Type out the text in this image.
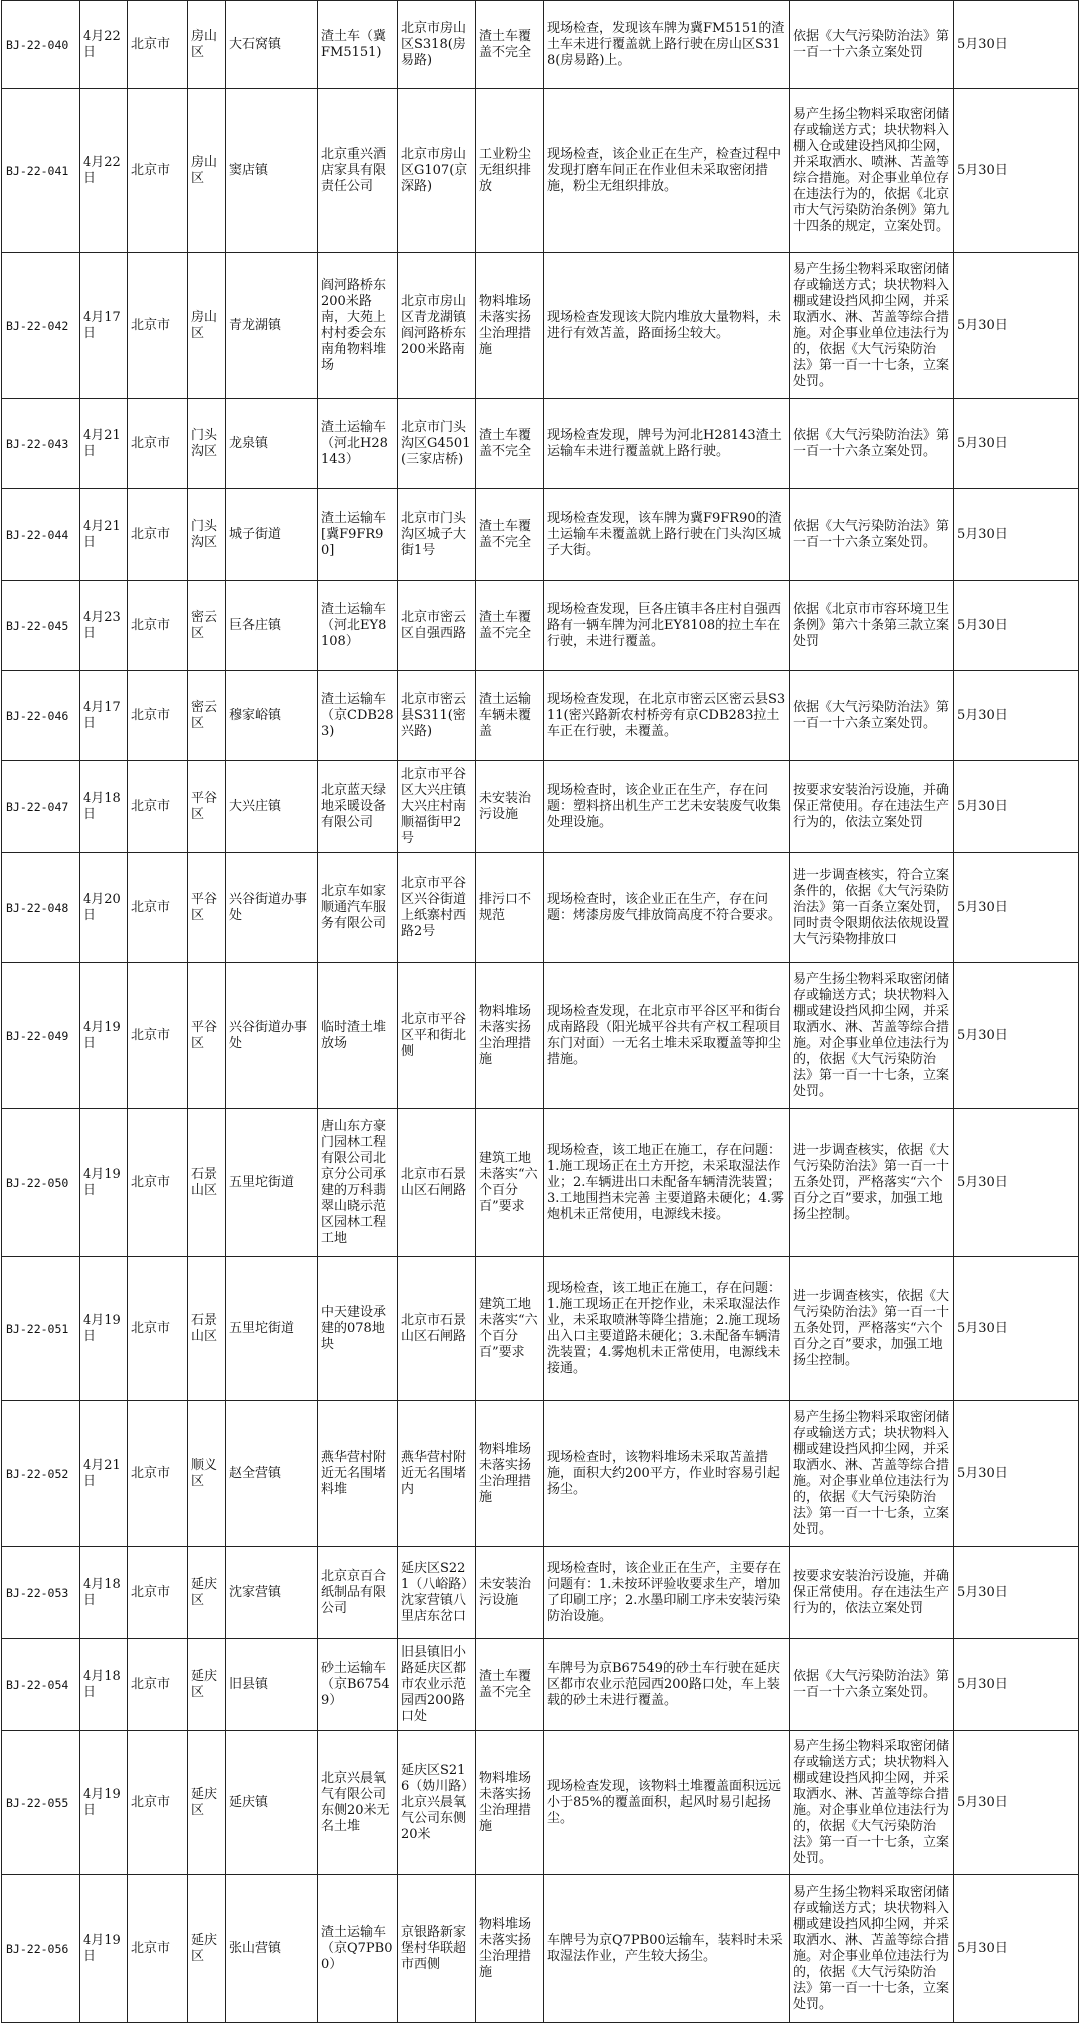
BJ-22-040	4月22日	北京市	房山区	大石窝镇	渣土车（冀FM5151)	北京市房山区S318(房易路)	渣土车覆盖不完全	现场检查，发现该车牌为冀FM5151的渣土车未进行覆盖就上路行驶在房山区S318(房易路)上。	依据《大气污染防治法》第一百一十六条立案处罚	5月30日
BJ-22-041	4月22日	北京市	房山区	窦店镇	北京重兴酒店家具有限责任公司	北京市房山区G107(京深路)	工业粉尘无组织排放	现场检查，该企业正在生产，检查过程中发现打磨车间正在作业但未采取密闭措施，粉尘无组织排放。	易产生扬尘物料采取密闭储存或输送方式；块状物料入棚入仓或建设挡风抑尘网，并采取洒水、喷淋、苫盖等综合措施。对企事业单位存在违法行为的，依据《北京市大气污染防治条例》第九十四条的规定，立案处罚。	5月30日
BJ-22-042	4月17日	北京市	房山区	青龙湖镇	阎河路桥东200米路南，大苑上村村委会东南角物料堆场	北京市房山区青龙湖镇阎河路桥东200米路南	物料堆场未落实扬尘治理措施	现场检查发现该大院内堆放大量物料，未进行有效苫盖，路面扬尘较大。	易产生扬尘物料采取密闭储存或输送方式；块状物料入棚或建设挡风抑尘网，并采取洒水、淋、苫盖等综合措施。对企事业单位违法行为的，依据《大气污染防治法》第一百一十七条，立案处罚。	5月30日
BJ-22-043	4月21日	北京市	门头沟区	龙泉镇	渣土运输车（河北H28143）	北京市门头沟区G4501(三家店桥)	渣土车覆盖不完全	现场检查发现，牌号为河北H28143渣土运输车未进行覆盖就上路行驶。	依据《大气污染防治法》第一百一十六条立案处罚。	5月30日
BJ-22-044	4月21日	北京市	门头沟区	城子街道	渣土运输车[冀F9FR90]	北京市门头沟区城子大街1号	渣土车覆盖不完全	现场检查发现，该车牌为冀F9FR90的渣土运输车未覆盖就上路行驶在门头沟区城子大街。	依据《大气污染防治法》第一百一十六条立案处罚。	5月30日
BJ-22-045	4月23日	北京市	密云区	巨各庄镇	渣土运输车（河北EY8108）	北京市密云区自强西路	渣土车覆盖不完全	现场检查发现，巨各庄镇丰各庄村自强西路有一辆车牌为河北EY8108的拉土车在行驶，未进行覆盖。	依据《北京市市容环境卫生条例》第六十条第三款立案处罚	5月30日
BJ-22-046	4月17日	北京市	密云区	穆家峪镇	渣土运输车（京CDB283)	北京市密云县S311(密兴路)	渣土运输车辆未覆盖	现场检查发现，在北京市密云区密云县S311(密兴路新农村桥旁有京CDB283拉土车正在行驶，未覆盖。	依据《大气污染防治法》第一百一十六条立案处罚。	5月30日
BJ-22-047	4月18日	北京市	平谷区	大兴庄镇	北京蓝天绿地采暖设备有限公司	北京市平谷区大兴庄镇大兴庄村南顺福街甲2号	未安装治污设施	现场检查时，该企业正在生产，存在问题：塑料挤出机生产工艺未安装废气收集处理设施。	按要求安装治污设施，并确保正常使用。存在违法生产行为的，依法立案处罚	5月30日
BJ-22-048	4月20日	北京市	平谷区	兴谷街道办事处	北京车如家顺通汽车服务有限公司	北京市平谷区兴谷街道上纸寨村西路2号	排污口不规范	现场检查时，该企业正在生产，存在问题：烤漆房废气排放筒高度不符合要求。	进一步调查核实，符合立案条件的，依据《大气污染防治法》第一百条立案处罚，同时责令限期依法依规设置大气污染物排放口	5月30日
BJ-22-049	4月19日	北京市	平谷区	兴谷街道办事处	临时渣土堆放场	北京市平谷区平和街北侧	物料堆场未落实扬尘治理措施	现场检查发现，在北京市平谷区平和街台成南路段（阳光城平谷共有产权工程项目东门对面）一无名土堆未采取覆盖等抑尘措施。	易产生扬尘物料采取密闭储存或输送方式；块状物料入棚或建设挡风抑尘网，并采取洒水、淋、苫盖等综合措施。对企事业单位违法行为的，依据《大气污染防治法》第一百一十七条，立案处罚。	5月30日
BJ-22-050	4月19日	北京市	石景山区	五里坨街道	唐山东方豪门园林工程有限公司北京分公司承建的万科翡翠山晓示范区园林工程工地	北京市石景山区石闸路	建筑工地未落实“六个百分百”要求	现场检查，该工地正在施工，存在问题：1.施工现场正在土方开挖，未采取湿法作业；2.车辆进出口未配备车辆清洗装置；3.工地围挡未完善 主要道路未硬化；4.雾炮机未正常使用，电源线未接。	进一步调查核实，依据《大气污染防治法》第一百一十五条处罚，严格落实“六个百分之百”要求，加强工地扬尘控制。	5月30日
BJ-22-051	4月19日	北京市	石景山区	五里坨街道	中天建设承建的078地块	北京市石景山区石闸路	建筑工地未落实“六个百分百”要求	现场检查，该工地正在施工，存在问题：1.施工现场正在开挖作业，未采取湿法作业，未采取喷淋等降尘措施；2.施工现场出入口主要道路未硬化；3.未配备车辆清洗装置；4.雾炮机未正常使用，电源线未接通。	进一步调查核实，依据《大气污染防治法》第一百一十五条处罚，严格落实“六个百分之百”要求，加强工地扬尘控制。	5月30日
BJ-22-052	4月21日	北京市	顺义区	赵全营镇	燕华营村附近无名围堵料堆	燕华营村附近无名围堵内	物料堆场未落实扬尘治理措施	现场检查时，该物料堆场未采取苫盖措施，面积大约200平方，作业时容易引起扬尘。	易产生扬尘物料采取密闭储存或输送方式；块状物料入棚或建设挡风抑尘网，并采取洒水、淋、苫盖等综合措施。对企事业单位违法行为的，依据《大气污染防治法》第一百一十七条，立案处罚。	5月30日
BJ-22-053	4月18日	北京市	延庆区	沈家营镇	北京京百合纸制品有限公司	延庆区S221（八峪路）沈家营镇八里店东岔口	未安装治污设施	现场检查时，该企业正在生产，主要存在问题有：1.未按环评验收要求生产，增加了印刷工序；2.水墨印刷工序未安装污染防治设施。	按要求安装治污设施，并确保正常使用。存在违法生产行为的，依法立案处罚	5月30日
BJ-22-054	4月18日	北京市	延庆区	旧县镇	砂土运输车（京B67549）	旧县镇旧小路延庆区都市农业示范园西200路口处	渣土车覆盖不完全	车牌号为京B67549的砂土车行驶在延庆区都市农业示范园西200路口处，车上装载的砂土未进行覆盖。	依据《大气污染防治法》第一百一十六条立案处罚。	5月30日
BJ-22-055	4月19日	北京市	延庆区	延庆镇	北京兴晨氧气有限公司东侧20米无名土堆	延庆区S216（妫川路）北京兴晨氧气公司东侧20米	物料堆场未落实扬尘治理措施	现场检查发现，该物料土堆覆盖面积远远小于85%的覆盖面积，起风时易引起扬尘。	易产生扬尘物料采取密闭储存或输送方式；块状物料入棚或建设挡风抑尘网，并采取洒水、淋、苫盖等综合措施。对企事业单位违法行为的，依据《大气污染防治法》第一百一十七条，立案处罚。	5月30日
BJ-22-056	4月19日	北京市	延庆区	张山营镇	渣土运输车（京Q7PB00）	京银路新家堡村华联超市西侧	物料堆场未落实扬尘治理措施	车牌号为京Q7PB00运输车，装料时未采取湿法作业，产生较大扬尘。	易产生扬尘物料采取密闭储存或输送方式；块状物料入棚或建设挡风抑尘网，并采取洒水、淋、苫盖等综合措施。对企事业单位违法行为的，依据《大气污染防治法》第一百一十七条，立案处罚。	5月30日
